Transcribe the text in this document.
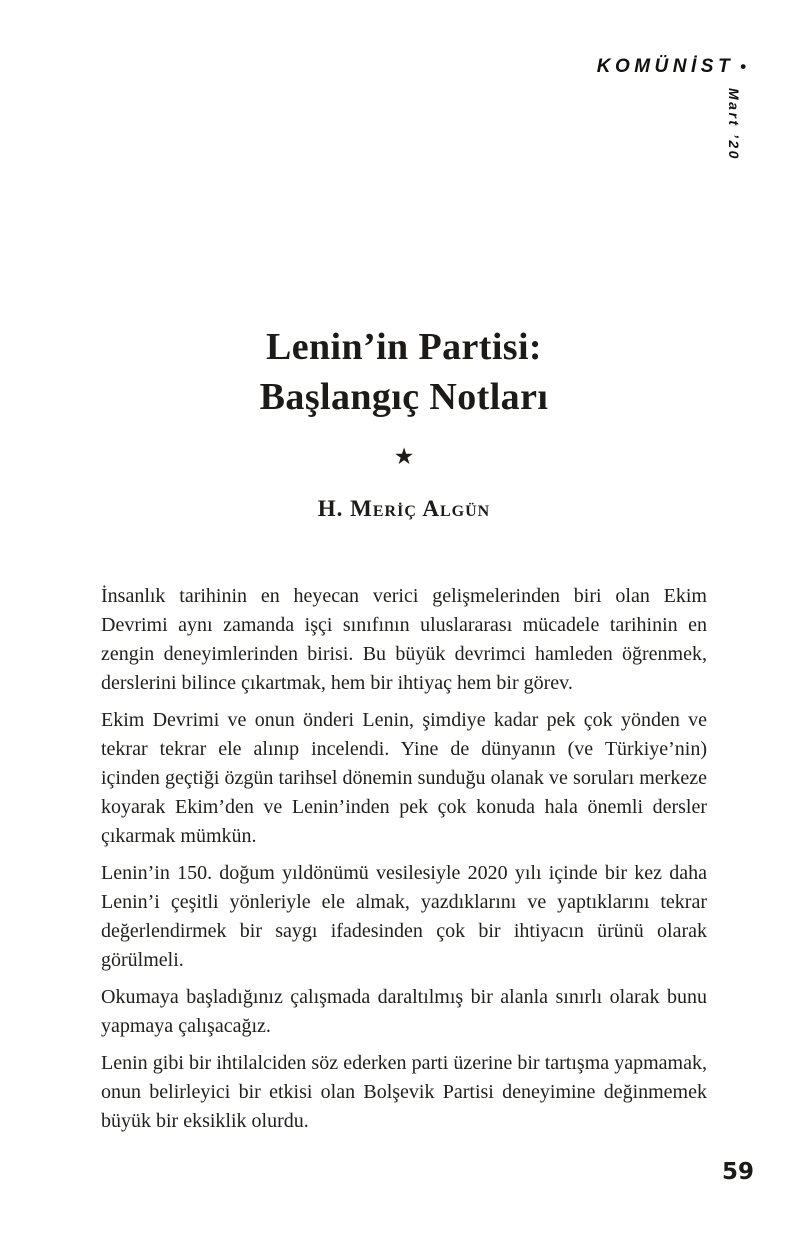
KOMÜNİST •
Mart ’20
Lenin’in Partisi:
Başlangıç Notları
★
H. Meriç Algün

İnsanlık tarihinin en heyecan verici gelişmelerinden biri olan Ekim Devrimi aynı zamanda işçi sınıfının uluslararası mücadele tarihinin en zengin deneyimlerinden birisi. Bu büyük devrimci hamleden öğrenmek, derslerini bilince çıkartmak, hem bir ihtiyaç hem bir görev.

Ekim Devrimi ve onun önderi Lenin, şimdiye kadar pek çok yönden ve tekrar tekrar ele alınıp incelendi. Yine de dünyanın (ve Türkiye’nin) içinden geçtiği özgün tarihsel dönemin sunduğu olanak ve soruları merkeze koyarak Ekim’den ve Lenin’inden pek çok konuda hala önemli dersler çıkarmak mümkün.

Lenin’in 150. doğum yıldönümü vesilesiyle 2020 yılı içinde bir kez daha Lenin’i çeşitli yönleriyle ele almak, yazdıklarını ve yaptıklarını tekrar değerlendirmek bir saygı ifadesinden çok bir ihtiyacın ürünü olarak görülmeli.

Okumaya başladığınız çalışmada daraltılmış bir alanla sınırlı olarak bunu yapmaya çalışacağız.

Lenin gibi bir ihtilalciden söz ederken parti üzerine bir tartışma yapmamak, onun belirleyici bir etkisi olan Bolşevik Partisi deneyimine değinmemek büyük bir eksiklik olurdu.

59
